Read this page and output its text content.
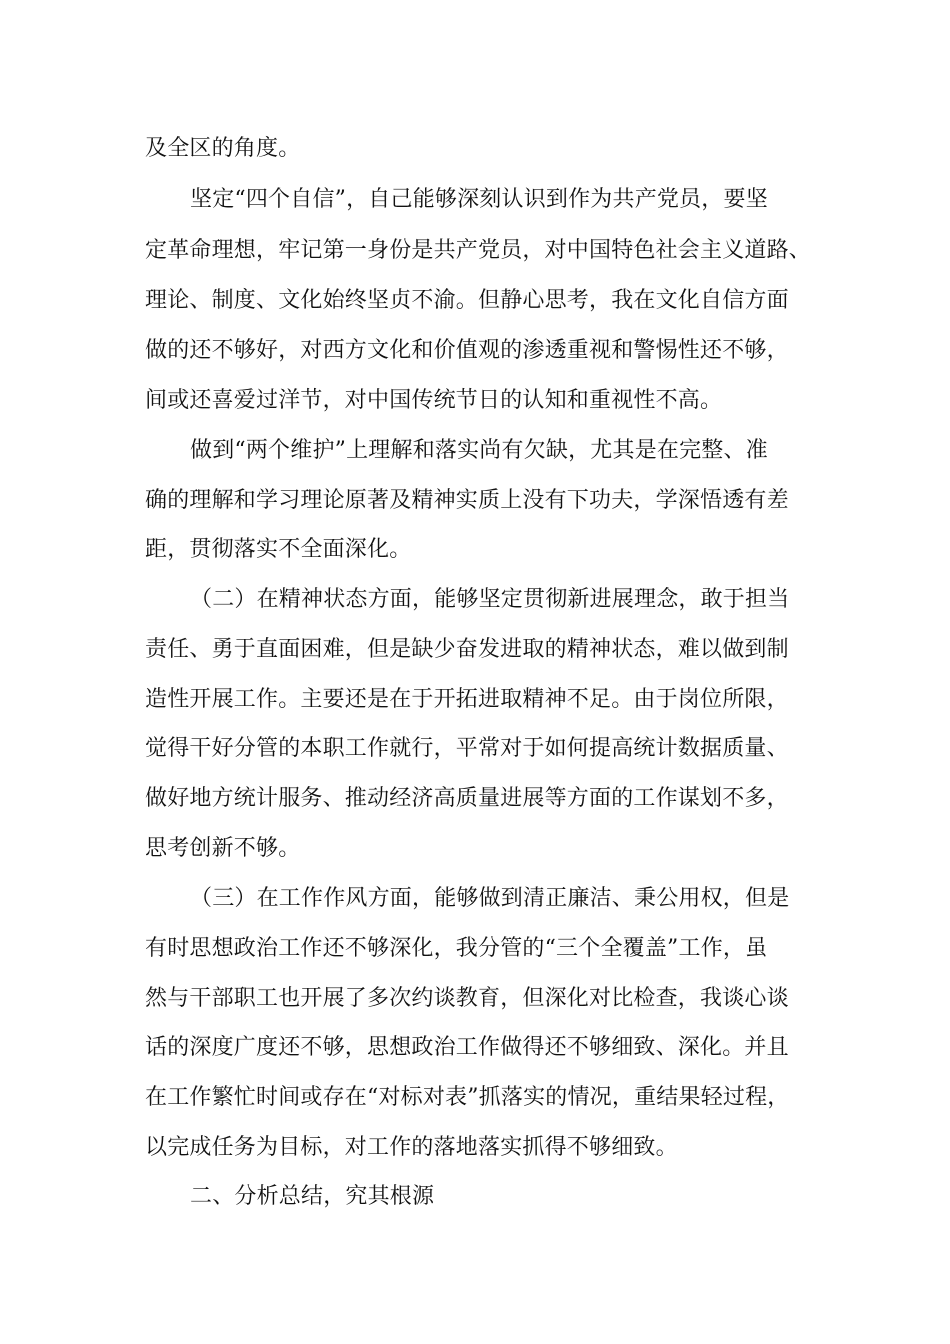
及全区的角度。
坚定“四个自信”，自己能够深刻认识到作为共产党员，要坚
定革命理想，牢记第一身份是共产党员，对中国特色社会主义道路、
理论、制度、文化始终坚贞不渝。但静心思考，我在文化自信方面
做的还不够好，对西方文化和价值观的渗透重视和警惕性还不够，
间或还喜爱过洋节，对中国传统节日的认知和重视性不高。
做到“两个维护”上理解和落实尚有欠缺，尤其是在完整、准
确的理解和学习理论原著及精神实质上没有下功夫，学深悟透有差
距，贯彻落实不全面深化。
（二）在精神状态方面，能够坚定贯彻新进展理念，敢于担当
责任、勇于直面困难，但是缺少奋发进取的精神状态，难以做到制
造性开展工作。主要还是在于开拓进取精神不足。由于岗位所限，
觉得干好分管的本职工作就行，平常对于如何提高统计数据质量、
做好地方统计服务、推动经济高质量进展等方面的工作谋划不多，
思考创新不够。
（三）在工作作风方面，能够做到清正廉洁、秉公用权，但是
有时思想政治工作还不够深化，我分管的“三个全覆盖”工作，虽
然与干部职工也开展了多次约谈教育，但深化对比检查，我谈心谈
话的深度广度还不够，思想政治工作做得还不够细致、深化。并且
在工作繁忙时间或存在“对标对表”抓落实的情况，重结果轻过程，
以完成任务为目标，对工作的落地落实抓得不够细致。
二、分析总结，究其根源
